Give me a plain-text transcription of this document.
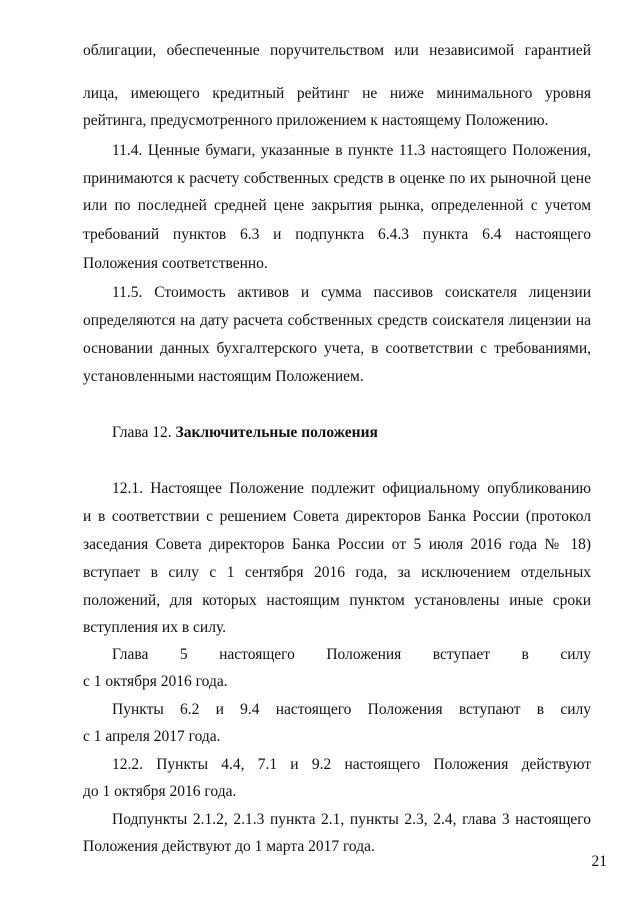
облигации, обеспеченные поручительством или независимой гарантией
лица, имеющего кредитный рейтинг не ниже минимального уровня
рейтинга, предусмотренного приложением к настоящему Положению.
11.4. Ценные бумаги, указанные в пункте 11.3 настоящего Положения,
принимаются к расчету собственных средств в оценке по их рыночной цене
или по последней средней цене закрытия рынка, определенной с учетом
требований пунктов 6.3 и подпункта 6.4.3 пункта 6.4 настоящего
Положения соответственно.
11.5. Стоимость активов и сумма пассивов соискателя лицензии
определяются на дату расчета собственных средств соискателя лицензии на
основании данных бухгалтерского учета, в соответствии с требованиями,
установленными настоящим Положением.
Глава 12. Заключительные положения
12.1. Настоящее Положение подлежит официальному опубликованию
и в соответствии с решением Совета директоров Банка России (протокол
заседания Совета директоров Банка России от 5 июля 2016 года № 18)
вступает в силу с 1 сентября 2016 года, за исключением отдельных
положений, для которых настоящим пунктом установлены иные сроки
вступления их в силу.
Глава 5 настоящего Положения вступает в силу
с 1 октября 2016 года.
Пункты 6.2 и 9.4 настоящего Положения вступают в силу
с 1 апреля 2017 года.
12.2. Пункты 4.4, 7.1 и 9.2 настоящего Положения действуют
до 1 октября 2016 года.
Подпункты 2.1.2, 2.1.3 пункта 2.1, пункты 2.3, 2.4, глава 3 настоящего
Положения действуют до 1 марта 2017 года.
21
